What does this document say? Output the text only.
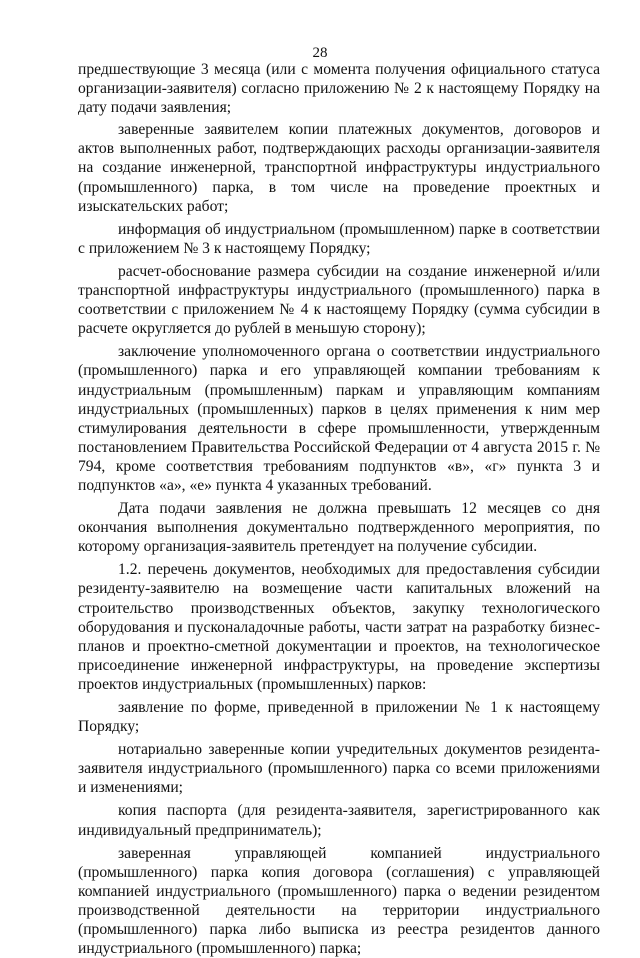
28

предшествующие 3 месяца (или с момента получения официального статуса организации-заявителя) согласно приложению № 2 к настоящему Порядку на дату подачи заявления;

заверенные заявителем копии платежных документов, договоров и актов выполненных работ, подтверждающих расходы организации-заявителя на создание инженерной, транспортной инфраструктуры индустриального (промышленного) парка, в том числе на проведение проектных и изыскательских работ;

информация об индустриальном (промышленном) парке в соответствии с приложением № 3 к настоящему Порядку;

расчет-обоснование размера субсидии на создание инженерной и/или транспортной инфраструктуры индустриального (промышленного) парка в соответствии с приложением № 4 к настоящему Порядку (сумма субсидии в расчете округляется до рублей в меньшую сторону);

заключение уполномоченного органа о соответствии индустриального (промышленного) парка и его управляющей компании требованиям к индустриальным (промышленным) паркам и управляющим компаниям индустриальных (промышленных) парков в целях применения к ним мер стимулирования деятельности в сфере промышленности, утвержденным постановлением Правительства Российской Федерации от 4 августа 2015 г. № 794, кроме соответствия требованиям подпунктов «в», «г» пункта 3 и подпунктов «а», «е» пункта 4 указанных требований.

Дата подачи заявления не должна превышать 12 месяцев со дня окончания выполнения документально подтвержденного мероприятия, по которому организация-заявитель претендует на получение субсидии.

1.2. перечень документов, необходимых для предоставления субсидии резиденту-заявителю на возмещение части капитальных вложений на строительство производственных объектов, закупку технологического оборудования и пусконаладочные работы, части затрат на разработку бизнес-планов и проектно-сметной документации и проектов, на технологическое присоединение инженерной инфраструктуры, на проведение экспертизы проектов индустриальных (промышленных) парков:

заявление по форме, приведенной в приложении № 1 к настоящему Порядку;

нотариально заверенные копии учредительных документов резидента-заявителя индустриального (промышленного) парка со всеми приложениями и изменениями;

копия паспорта (для резидента-заявителя, зарегистрированного как индивидуальный предприниматель);

заверенная управляющей компанией индустриального (промышленного) парка копия договора (соглашения) с управляющей компанией индустриального (промышленного) парка о ведении резидентом производственной деятельности на территории индустриального (промышленного) парка либо выписка из реестра резидентов данного индустриального (промышленного) парка;
